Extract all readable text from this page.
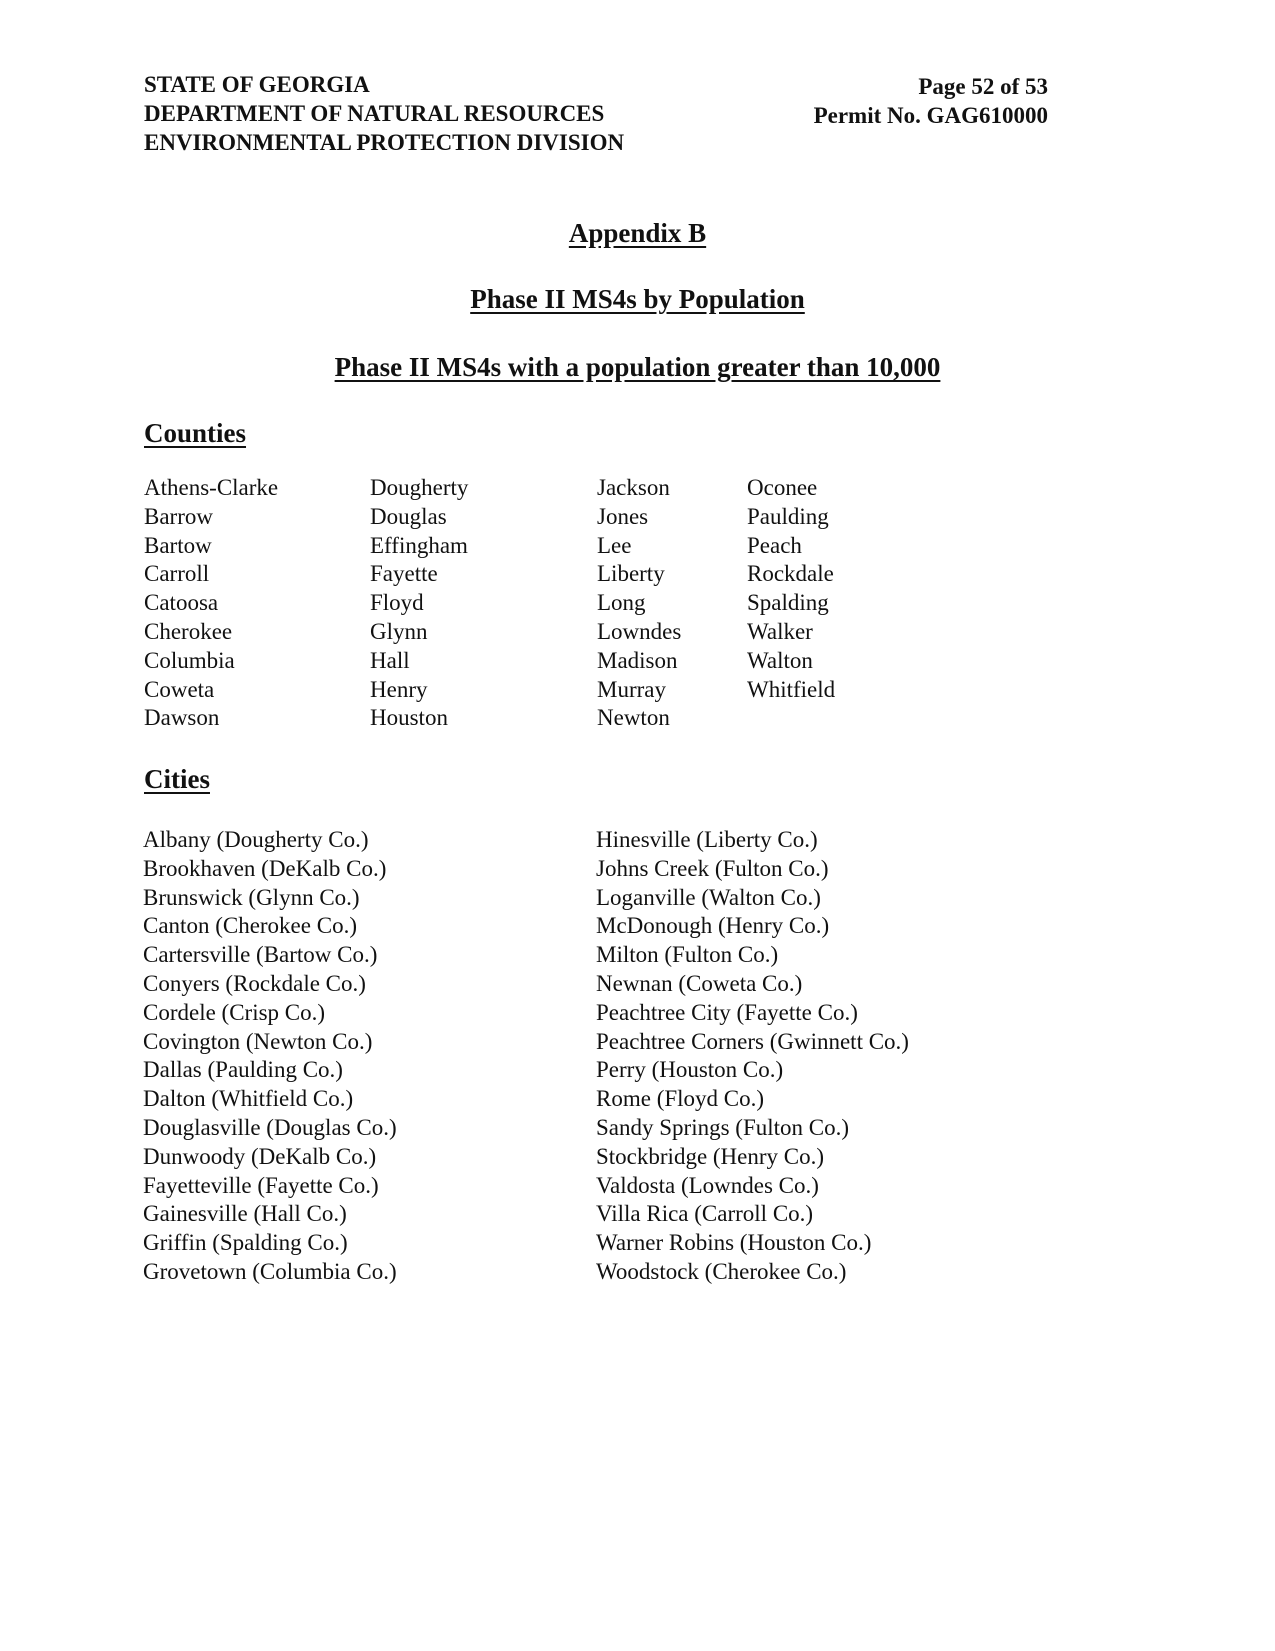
STATE OF GEORGIA
DEPARTMENT OF NATURAL RESOURCES
ENVIRONMENTAL PROTECTION DIVISION
Page 52 of 53
Permit No. GAG610000
Appendix B
Phase II MS4s by Population
Phase II MS4s with a population greater than 10,000
Counties
Athens-Clarke
Barrow
Bartow
Carroll
Catoosa
Cherokee
Columbia
Coweta
Dawson
Dougherty
Douglas
Effingham
Fayette
Floyd
Glynn
Hall
Henry
Houston
Jackson
Jones
Lee
Liberty
Long
Lowndes
Madison
Murray
Newton
Oconee
Paulding
Peach
Rockdale
Spalding
Walker
Walton
Whitfield
Cities
Albany (Dougherty Co.)
Brookhaven (DeKalb Co.)
Brunswick (Glynn Co.)
Canton (Cherokee Co.)
Cartersville (Bartow Co.)
Conyers (Rockdale Co.)
Cordele (Crisp Co.)
Covington (Newton Co.)
Dallas (Paulding Co.)
Dalton (Whitfield Co.)
Douglasville (Douglas Co.)
Dunwoody (DeKalb Co.)
Fayetteville (Fayette Co.)
Gainesville (Hall Co.)
Griffin (Spalding Co.)
Grovetown (Columbia Co.)
Hinesville (Liberty Co.)
Johns Creek (Fulton Co.)
Loganville (Walton Co.)
McDonough (Henry Co.)
Milton (Fulton Co.)
Newnan (Coweta Co.)
Peachtree City (Fayette Co.)
Peachtree Corners (Gwinnett Co.)
Perry (Houston Co.)
Rome (Floyd Co.)
Sandy Springs (Fulton Co.)
Stockbridge (Henry Co.)
Valdosta (Lowndes Co.)
Villa Rica (Carroll Co.)
Warner Robins (Houston Co.)
Woodstock (Cherokee Co.)
